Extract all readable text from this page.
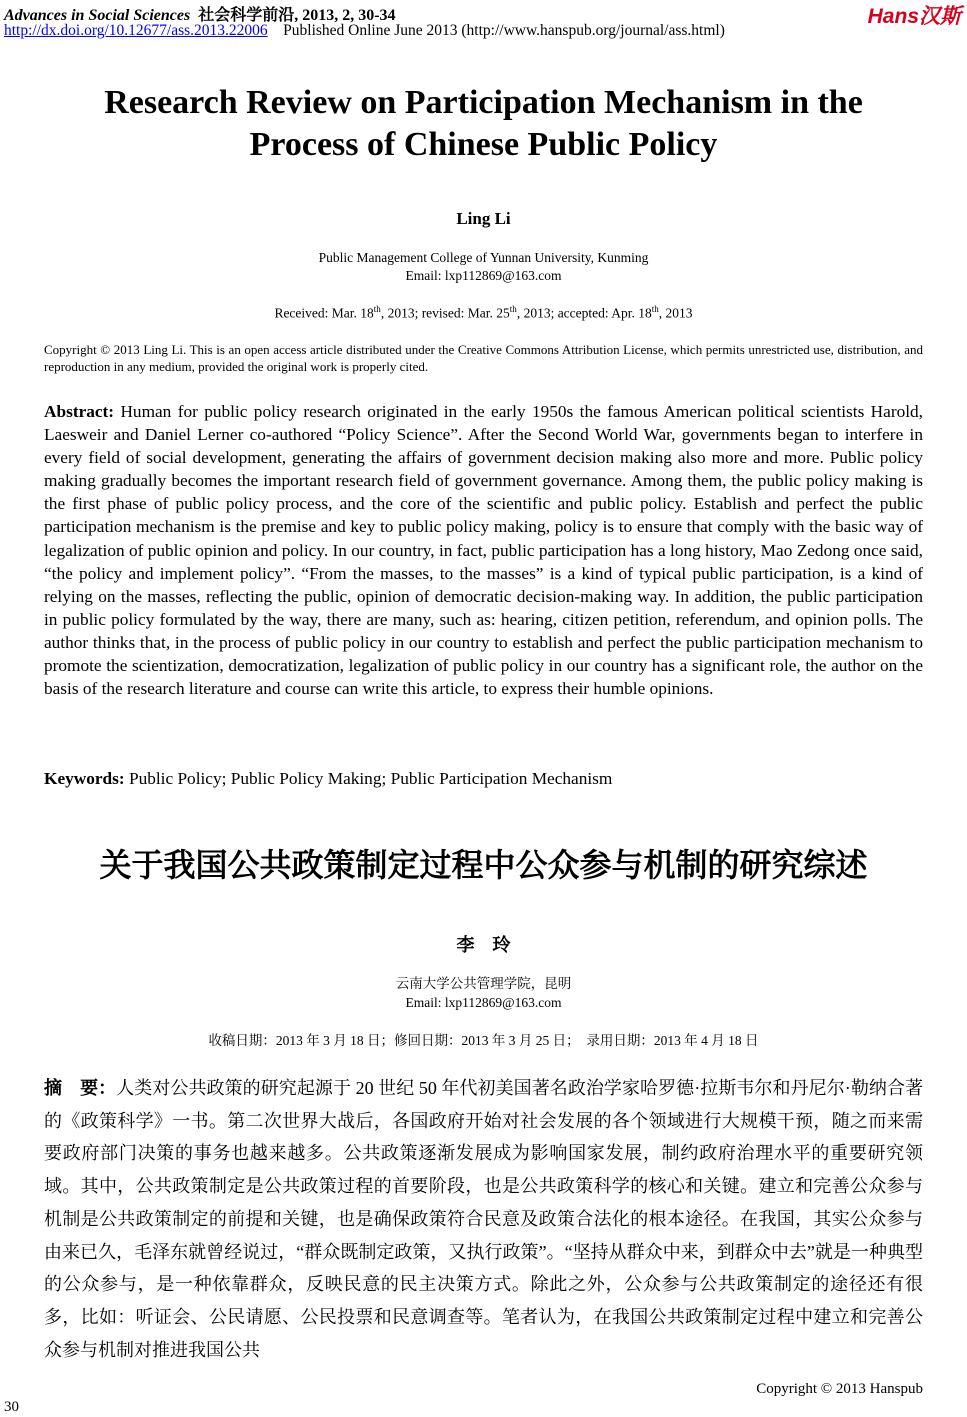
Advances in Social Sciences 社会科学前沿, 2013, 2, 30-34
http://dx.doi.org/10.12677/ass.2013.22006 Published Online June 2013 (http://www.hanspub.org/journal/ass.html)
Hans汉斯
Research Review on Participation Mechanism in the
Process of Chinese Public Policy
Ling Li
Public Management College of Yunnan University, Kunming
Email: lxp112869@163.com
Received: Mar. 18th, 2013; revised: Mar. 25th, 2013; accepted: Apr. 18th, 2013
Copyright © 2013 Ling Li. This is an open access article distributed under the Creative Commons Attribution License, which permits unrestricted use, distribution, and reproduction in any medium, provided the original work is properly cited.
Abstract: Human for public policy research originated in the early 1950s the famous American political scientists Harold, Laesweir and Daniel Lerner co-authored “Policy Science”. After the Second World War, governments began to interfere in every field of social development, generating the affairs of government decision making also more and more. Public policy making gradually becomes the important research field of government governance. Among them, the public policy making is the first phase of public policy process, and the core of the scientific and public policy. Establish and perfect the public participation mechanism is the premise and key to public policy making, policy is to ensure that comply with the basic way of legalization of public opinion and policy. In our country, in fact, public participation has a long history, Mao Zedong once said, “the policy and implement policy”. “From the masses, to the masses” is a kind of typical public participation, is a kind of relying on the masses, reflecting the public, opinion of democratic decision-making way. In addition, the public participation in public policy formulated by the way, there are many, such as: hearing, citizen petition, referendum, and opinion polls. The author thinks that, in the process of public policy in our country to establish and perfect the public participation mechanism to promote the scientization, democratization, legalization of public policy in our country has a significant role, the author on the basis of the research literature and course can write this article, to express their humble opinions.
Keywords: Public Policy; Public Policy Making; Public Participation Mechanism
关于我国公共政策制定过程中公众参与机制的研究综述
李　玲
云南大学公共管理学院，昆明
Email: lxp112869@163.com
收稿日期：2013 年 3 月 18 日；修回日期：2013 年 3 月 25 日；　录用日期：2013 年 4 月 18 日
摘　要：人类对公共政策的研究起源于 20 世纪 50 年代初美国著名政治学家哈罗德·拉斯韦尔和丹尼尔·勒纳合著的《政策科学》一书。第二次世界大战后，各国政府开始对社会发展的各个领域进行大规模干预，随之而来需要政府部门决策的事务也越来越多。公共政策逐渐发展成为影响国家发展，制约政府治理水平的重要研究领域。其中，公共政策制定是公共政策过程的首要阶段，也是公共政策科学的核心和关键。建立和完善公众参与机制是公共政策制定的前提和关键，也是确保政策符合民意及政策合法化的根本途径。在我国，其实公众参与由来已久，毛泽东就曾经说过，“群众既制定政策，又执行政策”。“坚持从群众中来，到群众中去”就是一种典型的公众参与，是一种依靠群众，反映民意的民主决策方式。除此之外，公众参与公共政策制定的途径还有很多，比如：听证会、公民请愿、公民投票和民意调查等。笔者认为，在我国公共政策制定过程中建立和完善公众参与机制对推进我国公共
Copyright © 2013 Hanspub
30
